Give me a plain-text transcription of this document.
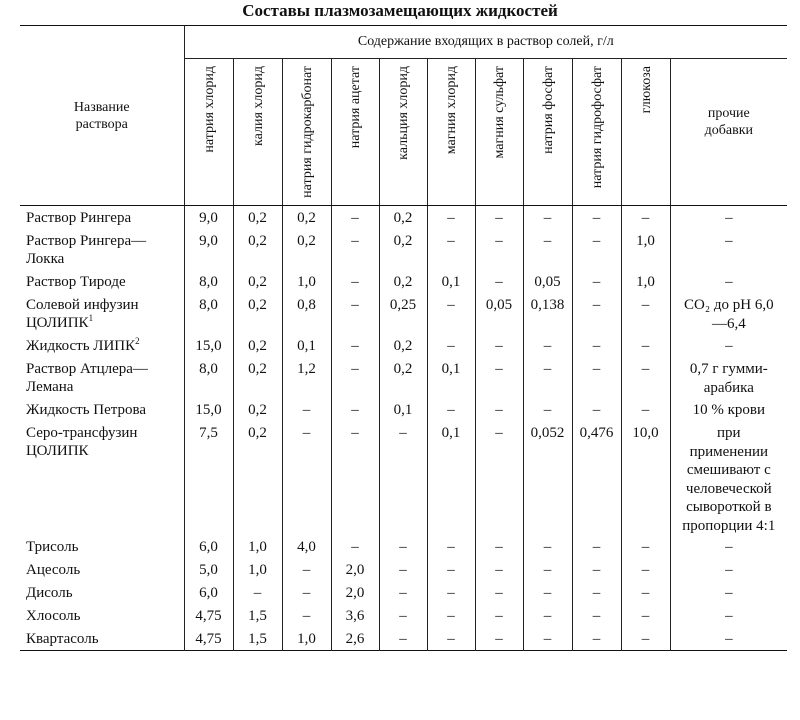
Составы плазмозамещающих жидкостей
Название раствора	Содержание входящих в раствор солей, г/л										

натрия хлорид	калия хлорид	натрия гидрокарбонат	натрия ацетат	кальция хлорид	магния хлорид	магния сульфат	натрия фосфат	натрия гидрофосфат	глюкоза	прочие добавки

Раствор Рингера	9,0	0,2	0,2	–	0,2	–	–	–	–	–	–

Раствор Рингера—Локка	9,0	0,2	0,2	–	0,2	–	–	–	–	1,0	–

Раствор Тироде	8,0	0,2	1,0	–	0,2	0,1	–	0,05	–	1,0	–

Солевой инфузин ЦОЛИПК$^1$	8,0	0,2	0,8	–	0,25	–	0,05	0,138	–	–	CO₂ до pH 6,0—6,4

Жидкость ЛИПК$^2$	15,0	0,2	0,1	–	0,2	–	–	–	–	–	–

Раствор Атцлера—Лемана	8,0	0,2	1,2	–	0,2	0,1	–	–	–	–	0,7 г гумми-арабика

Жидкость Петрова	15,0	0,2	–	–	0,1	–	–	–	–	–	10 % крови

Серо-трансфузин ЦОЛИПК	7,5	0,2	–	–	–	0,1	–	0,052	0,476	10,0	при применении смешивают с человеческой сывороткой в пропорции 4:1

Трисоль	6,0	1,0	4,0	–	–	–	–	–	–	–	–

Ацесоль	5,0	1,0	–	2,0	–	–	–	–	–	–	–

Дисоль	6,0	–	–	2,0	–	–	–	–	–	–	–

Хлосоль	4,75	1,5	–	3,6	–	–	–	–	–	–	–

Квартасоль	4,75	1,5	1,0	2,6	–	–	–	–	–	–	–
